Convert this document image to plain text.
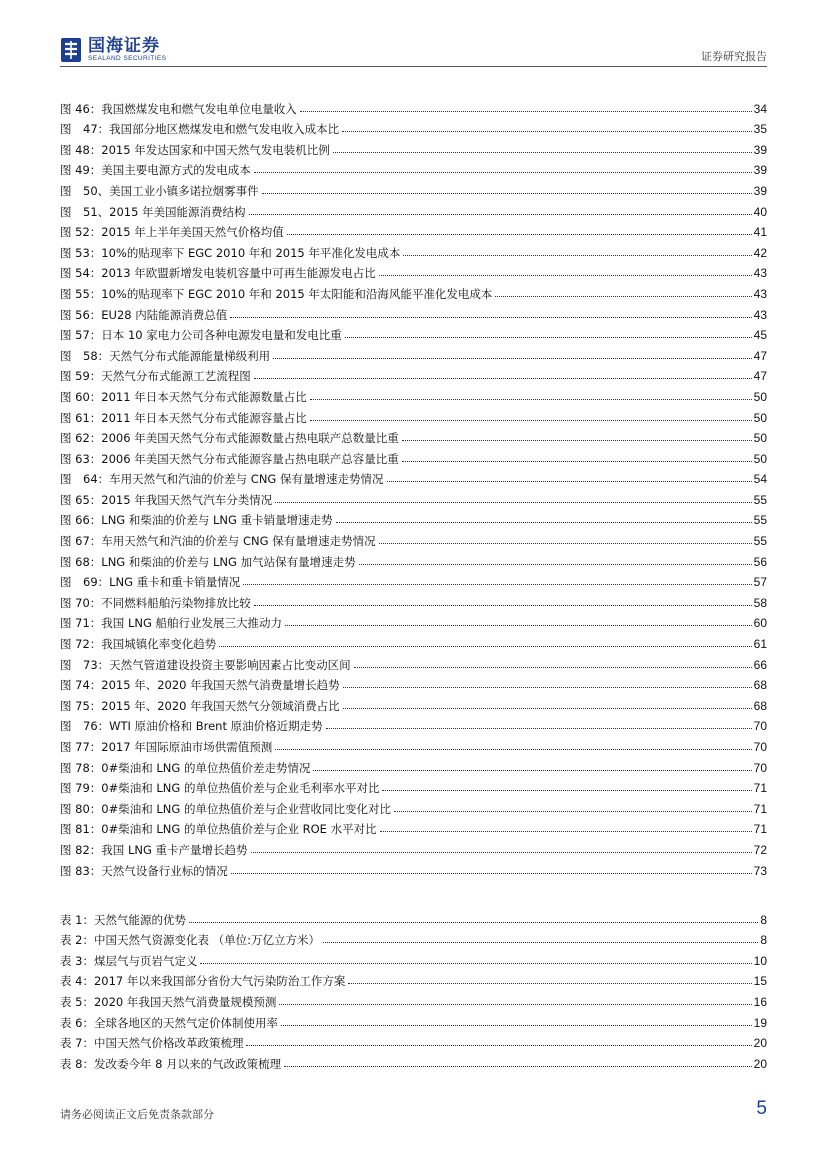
国海证券
SEALAND SECURITIES	证券研究报告
图 46：我国燃煤发电和燃气发电单位电量收入	34
图　47：我国部分地区燃煤发电和燃气发电收入成本比	35
图 48：2015 年发达国家和中国天然气发电装机比例	39
图 49：美国主要电源方式的发电成本	39
图　50、美国工业小镇多诺拉烟雾事件	39
图　51、2015 年美国能源消费结构	40
图 52：2015 年上半年美国天然气价格均值	41
图 53：10%的贴现率下 EGC 2010 年和 2015 年平准化发电成本	42
图 54：2013 年欧盟新增发电装机容量中可再生能源发电占比	43
图 55：10%的贴现率下 EGC 2010 年和 2015 年太阳能和沿海风能平准化发电成本	43
图 56：EU28 内陆能源消费总值	43
图 57：日本 10 家电力公司各种电源发电量和发电比重	45
图　58：天然气分布式能源能量梯级利用	47
图 59：天然气分布式能源工艺流程图	47
图 60：2011 年日本天然气分布式能源数量占比	50
图 61：2011 年日本天然气分布式能源容量占比	50
图 62：2006 年美国天然气分布式能源数量占热电联产总数量比重	50
图 63：2006 年美国天然气分布式能源容量占热电联产总容量比重	50
图　64：车用天然气和汽油的价差与 CNG 保有量增速走势情况	54
图 65：2015 年我国天然气汽车分类情况	55
图 66：LNG 和柴油的价差与 LNG 重卡销量增速走势	55
图 67：车用天然气和汽油的价差与 CNG 保有量增速走势情况	55
图 68：LNG 和柴油的价差与 LNG 加气站保有量增速走势	56
图　69：LNG 重卡和重卡销量情况	57
图 70：不同燃料船舶污染物排放比较	58
图 71：我国 LNG 船舶行业发展三大推动力	60
图 72：我国城镇化率变化趋势	61
图　73：天然气管道建设投资主要影响因素占比变动区间	66
图 74：2015 年、2020 年我国天然气消费量增长趋势	68
图 75：2015 年、2020 年我国天然气分领域消费占比	68
图　76：WTI 原油价格和 Brent 原油价格近期走势	70
图 77：2017 年国际原油市场供需值预测	70
图 78：0#柴油和 LNG 的单位热值价差走势情况	70
图 79：0#柴油和 LNG 的单位热值价差与企业毛利率水平对比	71
图 80：0#柴油和 LNG 的单位热值价差与企业营收同比变化对比	71
图 81：0#柴油和 LNG 的单位热值价差与企业 ROE 水平对比	71
图 82：我国 LNG 重卡产量增长趋势	72
图 83：天然气设备行业标的情况	73
表 1：天然气能源的优势	8
表 2：中国天然气资源变化表 （单位:万亿立方米）	8
表 3：煤层气与页岩气定义	10
表 4：2017 年以来我国部分省份大气污染防治工作方案	15
表 5：2020 年我国天然气消费量规模预测	16
表 6：全球各地区的天然气定价体制使用率	19
表 7：中国天然气价格改革政策梳理	20
表 8：发改委今年 8 月以来的气改政策梳理	20
请务必阅读正文后免责条款部分	5
